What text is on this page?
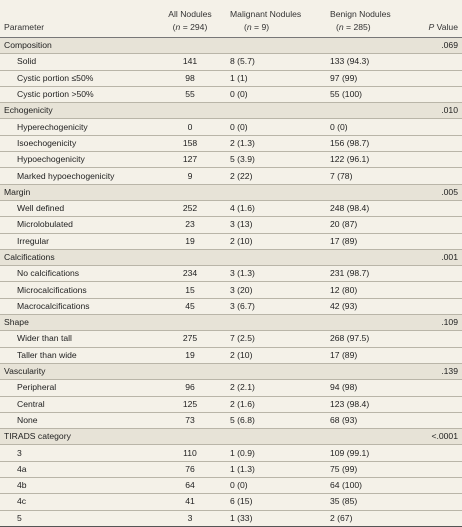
Parameter	All Nodules	Malignant Nodules	Benign Nodules	P Value
	(n = 294)	(n = 9)	(n = 285)	
Composition				.069
Solid	141	8 (5.7)	133 (94.3)	
Cystic portion ≤50%	98	1 (1)	97 (99)	
Cystic portion >50%	55	0 (0)	55 (100)	
Echogenicity				.010
Hyperechogenicity	0	0 (0)	0 (0)	
Isoechogenicity	158	2 (1.3)	156 (98.7)	
Hypoechogenicity	127	5 (3.9)	122 (96.1)	
Marked hypoechogenicity	9	2 (22)	7 (78)	
Margin				.005
Well defined	252	4 (1.6)	248 (98.4)	
Microlobulated	23	3 (13)	20 (87)	
Irregular	19	2 (10)	17 (89)	
Calcifications				.001
No calcifications	234	3 (1.3)	231 (98.7)	
Microcalcifications	15	3 (20)	12 (80)	
Macrocalcifications	45	3 (6.7)	42 (93)	
Shape				.109
Wider than tall	275	7 (2.5)	268 (97.5)	
Taller than wide	19	2 (10)	17 (89)	
Vascularity				.139
Peripheral	96	2 (2.1)	94 (98)	
Central	125	2 (1.6)	123 (98.4)	
None	73	5 (6.8)	68 (93)	
TIRADS category				<.0001
3	110	1 (0.9)	109 (99.1)	
4a	76	1 (1.3)	75 (99)	
4b	64	0 (0)	64 (100)	
4c	41	6 (15)	35 (85)	
5	3	1 (33)	2 (67)	
